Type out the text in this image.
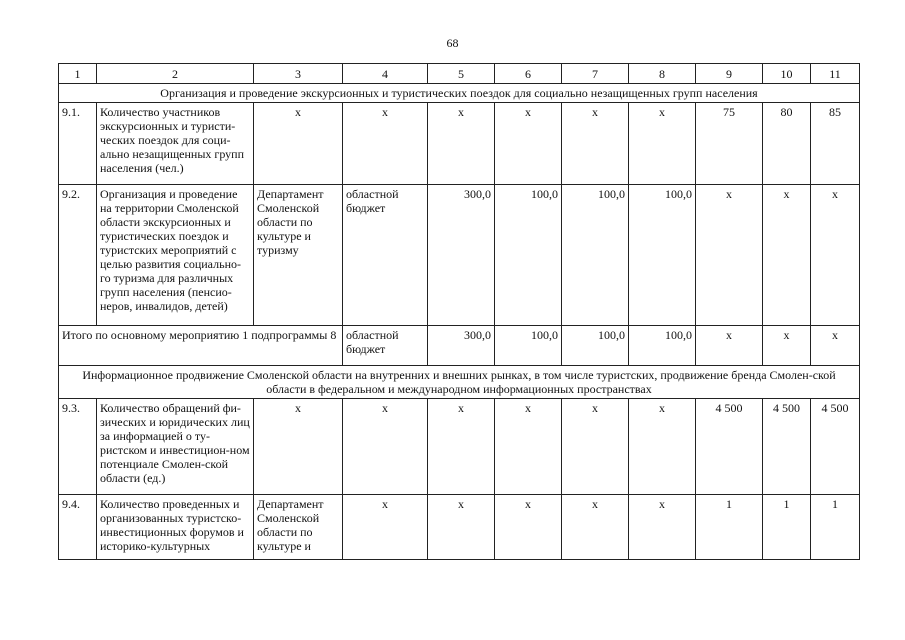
68
1	2	3	4	5	6	7	8	9	10	11
Организация и проведение экскурсионных и туристических поездок для социально незащищенных групп населения										
9.1.	Количество участников экскурсионных и туристи-ческих поездок для соци-ально незащищенных групп населения (чел.)	х	х	х	х	х	х	75	80	85
9.2.	Организация и проведение на территории Смоленской области экскурсионных и туристических поездок и туристских мероприятий с целью развития социально-го туризма для различных групп населения (пенсио-неров, инвалидов, детей)	Департамент Смоленской области по культуре и туризму	областной бюджет	300,0	100,0	100,0	100,0	х	х	х
Итого по основному мероприятию 1 подпрограммы 8			областной бюджет	300,0	100,0	100,0	100,0	х	х	х
Информационное продвижение Смоленской области на внутренних и внешних рынках, в том числе туристских, продвижение бренда Смолен-ской области в федеральном и международном информационных пространствах										
9.3.	Количество обращений фи-зических и юридических лиц за информацией о ту-ристском и инвестицион-ном потенциале Смолен-ской области (ед.)	х	х	х	х	х	х	4 500	4 500	4 500
9.4.	Количество проведенных и организованных туристско-инвестиционных форумов и историко-культурных	Департамент Смоленской области по культуре и	х	х	х	х	х	1	1	1
